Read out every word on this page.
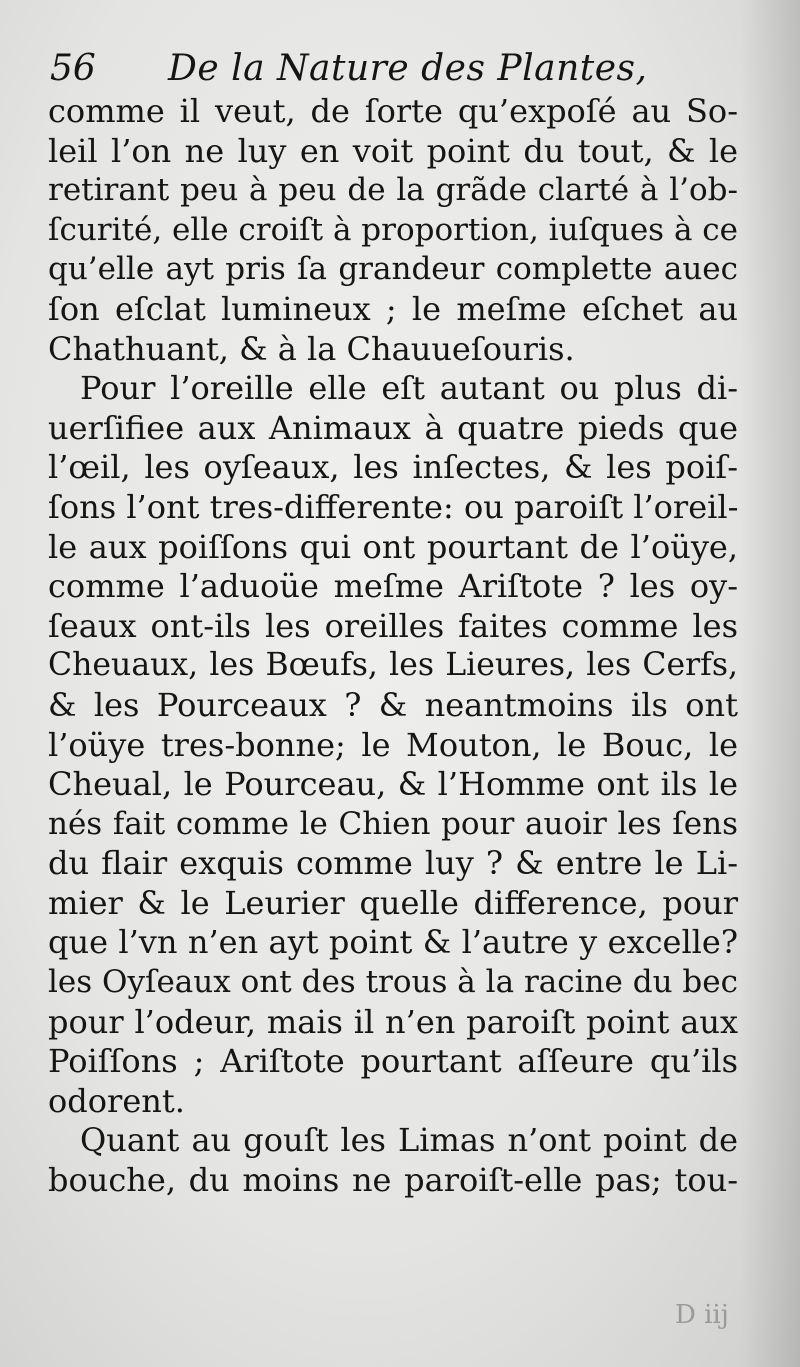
56 De la Nature des Plantes,
comme il veut, de ſorte qu’expoſé au So-
leil l’on ne luy en voit point du tout, & le
retirant peu à peu de la grãde clarté à l’ob-
ſcurité, elle croiſt à proportion, iuſques à ce
qu’elle ayt pris ſa grandeur complette auec
ſon eſclat lumineux ; le meſme eſchet au
Chathuant, & à la Chauueſouris.
Pour l’oreille elle eſt autant ou plus di-
uerſifiee aux Animaux à quatre pieds que
l’œil, les oyſeaux, les inſectes, & les poiſ-
ſons l’ont tres-differente: ou paroiſt l’oreil-
le aux poiſſons qui ont pourtant de l’oüye,
comme l’aduoüe meſme Ariſtote ? les oy-
ſeaux ont-ils les oreilles faites comme les
Cheuaux, les Bœufs, les Lieures, les Cerfs,
& les Pourceaux ? & neantmoins ils ont
l’oüye tres-bonne; le Mouton, le Bouc, le
Cheual, le Pourceau, & l’Homme ont ils le
nés fait comme le Chien pour auoir les ſens
du flair exquis comme luy ? & entre le Li-
mier & le Leurier quelle difference, pour
que l’vn n’en ayt point & l’autre y excelle?
les Oyſeaux ont des trous à la racine du bec
pour l’odeur, mais il n’en paroiſt point aux
Poiſſons ; Ariſtote pourtant aſſeure qu’ils
odorent.
Quant au gouſt les Limas n’ont point de
bouche, du moins ne paroiſt-elle pas; tou-
D iij
